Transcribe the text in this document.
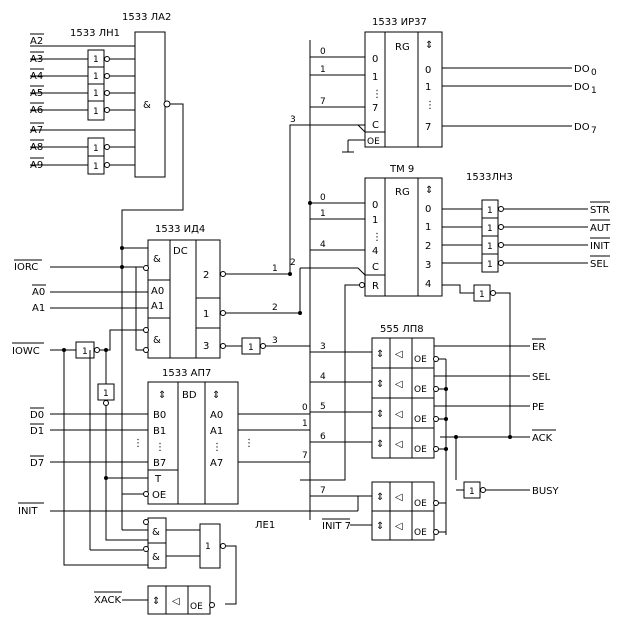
1533 ЛА2
&
1533 ЛН1
1
1
1
1
1
1
A2
A3
A4
A5
A6
A7
A8
A9
1533 ИД4
&
&
DC
A0
A1
2
1
3
IORC
A0
A1
IOWC	1
1
2
1
3
1533 ИР37
RG ⇕
0
1
⋮
7
C
OE
0
1
⋮
7
0
1
7
3
DO 0
DO 1
DO 7
ТМ 9
RG ⇕
0
1
⋮
4
C
R
0
1
2
3
4
0
1
4
2
1533ЛН3
1
1
1
1
STR
AUT
INIT
SEL
1
555 ЛП8
⇕
⇕
⇕
⇕
◁
◁
◁
◁
OE
OE
OE
OE
3
4
5
6
ER
SEL
PE
ACK
⇕
⇕
◁
◁
OE
OE
7
INIT 7
1	BUSY
1533 АП7
⇕	⇕
BD
B0
B1
⋮
B7
T
OE
A0
A1
⋮
A7
⋮	⋮
D0
D1
D7
0
1
7
1
INIT
ЛЕ1
&
&
1
⇕ ◁ OE
XACK
